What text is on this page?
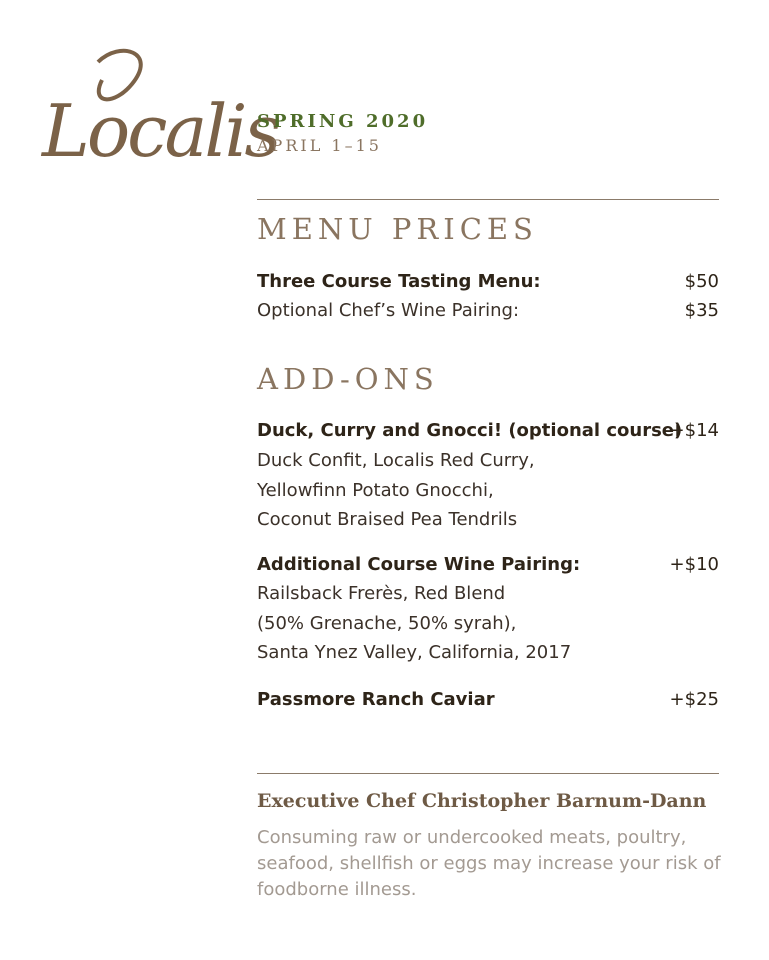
Localis
SPRING 2020
APRIL 1–15
MENU PRICES
Three Course Tasting Menu:	$50
Optional Chef’s Wine Pairing:	$35
ADD-ONS
Duck, Curry and Gnocci! (optional course)
+$14
Duck Confit, Localis Red Curry,
Yellowfinn Potato Gnocchi,
Coconut Braised Pea Tendrils
Additional Course Wine Pairing:	+$10
Railsback Frerès, Red Blend
(50% Grenache, 50% syrah),
Santa Ynez Valley, California, 2017
Passmore Ranch Caviar	+$25
Executive Chef Christopher Barnum-Dann
Consuming raw or undercooked meats, poultry, seafood, shellfish or eggs may increase your risk of foodborne illness.
